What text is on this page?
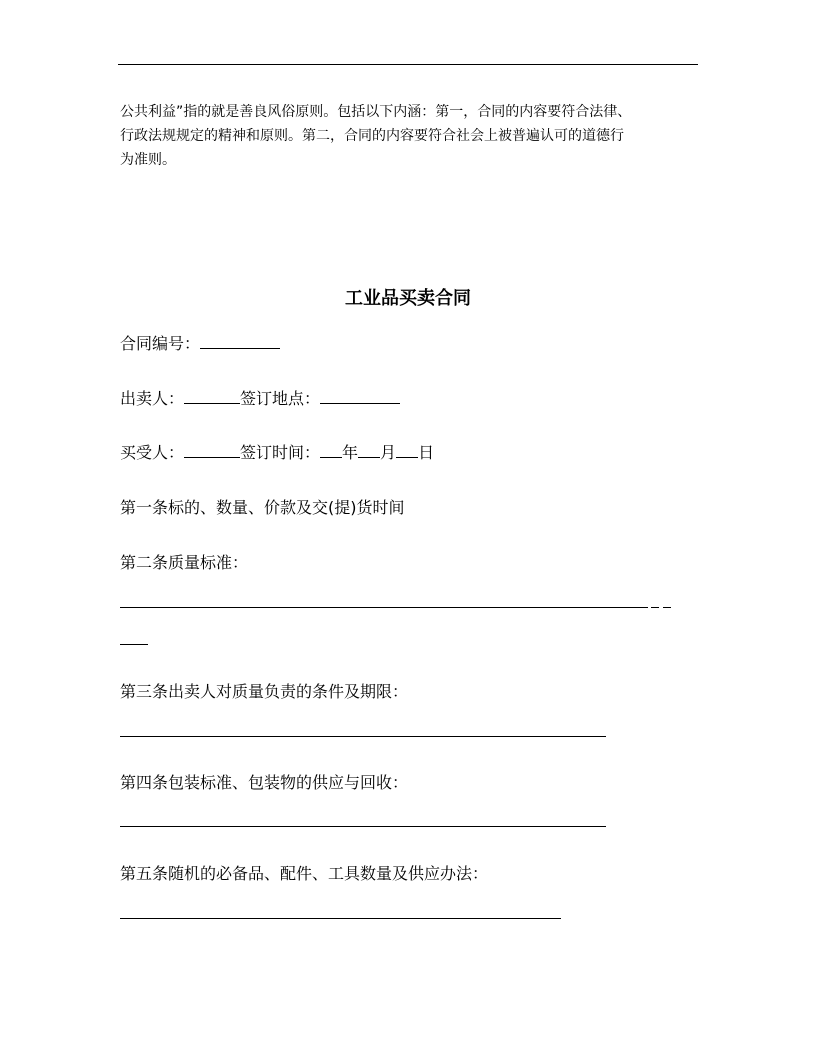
公共利益”指的就是善良风俗原则。包括以下内涵：第一，合同的内容要符合法律、
行政法规规定的精神和原则。第二，合同的内容要符合社会上被普遍认可的道德行
为准则。

工业品买卖合同

合同编号：

出卖人：	签订地点：

买受人：	签订时间： 年 月 日

第一条标的、数量、价款及交(提)货时间

第二条质量标准：

第三条出卖人对质量负责的条件及期限：

第四条包装标准、包装物的供应与回收：

第五条随机的必备品、配件、工具数量及供应办法：
